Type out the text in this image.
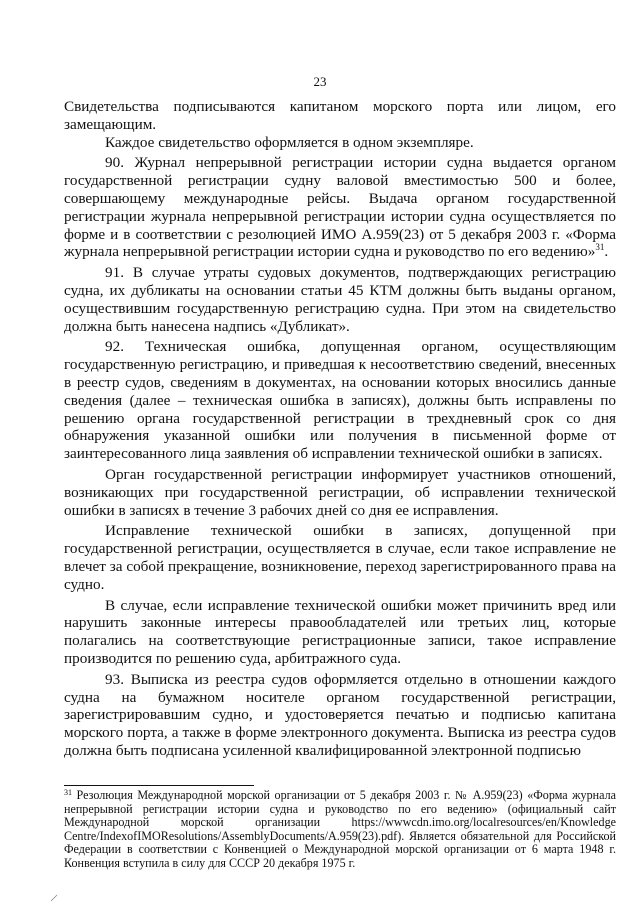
23

Свидетельства подписываются капитаном морского порта или лицом, его замещающим.

Каждое свидетельство оформляется в одном экземпляре.

90. Журнал непрерывной регистрации истории судна выдается органом государственной регистрации судну валовой вместимостью 500 и более, совершающему международные рейсы. Выдача органом государственной регистрации журнала непрерывной регистрации истории судна осуществляется по форме и в соответствии с резолюцией ИМО A.959(23) от 5 декабря 2003 г. «Форма журнала непрерывной регистрации истории судна и руководство по его ведению»$^{31}$.

91. В случае утраты судовых документов, подтверждающих регистрацию судна, их дубликаты на основании статьи 45 КТМ должны быть выданы органом, осуществившим государственную регистрацию судна. При этом на свидетельство должна быть нанесена надпись «Дубликат».

92. Техническая ошибка, допущенная органом, осуществляющим государственную регистрацию, и приведшая к несоответствию сведений, внесенных в реестр судов, сведениям в документах, на основании которых вносились данные сведения (далее – техническая ошибка в записях), должны быть исправлены по решению органа государственной регистрации в трехдневный срок со дня обнаружения указанной ошибки или получения в письменной форме от заинтересованного лица заявления об исправлении технической ошибки в записях.

Орган государственной регистрации информирует участников отношений, возникающих при государственной регистрации, об исправлении технической ошибки в записях в течение 3 рабочих дней со дня ее исправления.

Исправление технической ошибки в записях, допущенной при государственной регистрации, осуществляется в случае, если такое исправление не влечет за собой прекращение, возникновение, переход зарегистрированного права на судно.

В случае, если исправление технической ошибки может причинить вред или нарушить законные интересы правообладателей или третьих лиц, которые полагались на соответствующие регистрационные записи, такое исправление производится по решению суда, арбитражного суда.

93. Выписка из реестра судов оформляется отдельно в отношении каждого судна на бумажном носителе органом государственной регистрации, зарегистрировавшим судно, и удостоверяется печатью и подписью капитана морского порта, а также в форме электронного документа. Выписка из реестра судов должна быть подписана усиленной квалифицированной электронной подписью

$^{31}$ Резолюция Международной морской организации от 5 декабря 2003 г. № A.959(23) «Форма журнала непрерывной регистрации истории судна и руководство по его ведению» (официальный сайт Международной морской организации https://wwwcdn.imo.org/localresources/en/Knowledge Centre/IndexofIMOResolutions/AssemblyDocuments/A.959(23).pdf). Является обязательной для Российской Федерации в соответствии с Конвенцией о Международной морской организации от 6 марта 1948 г. Конвенция вступила в силу для СССР 20 декабря 1975 г.
